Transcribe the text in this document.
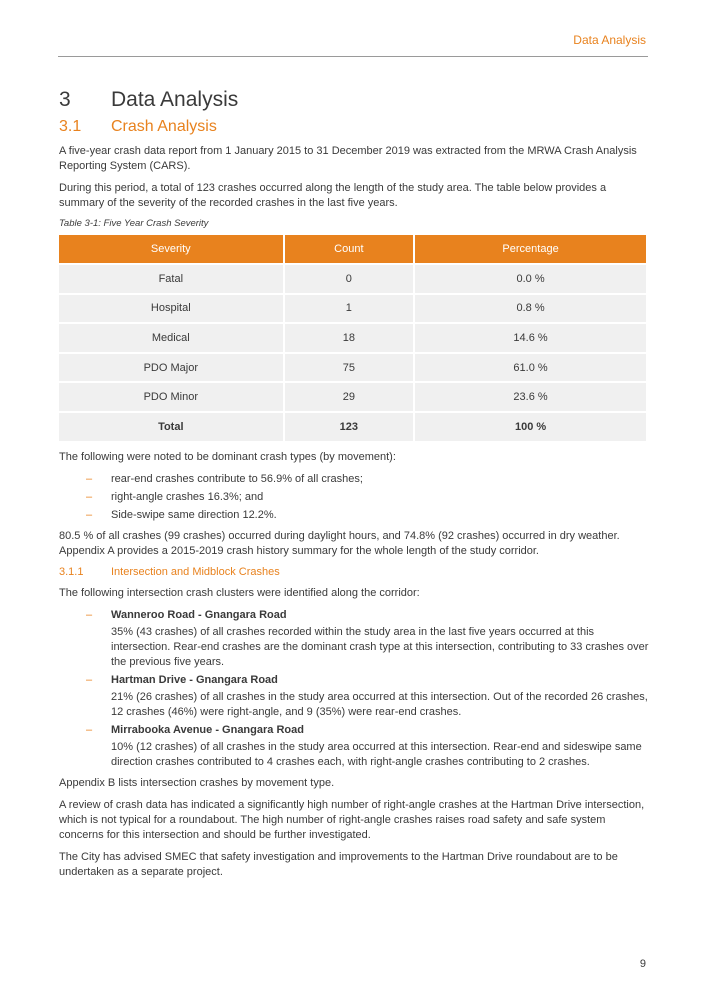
Data Analysis
3	Data Analysis
3.1	Crash Analysis

A five-year crash data report from 1 January 2015 to 31 December 2019 was extracted from the MRWA Crash Analysis Reporting System (CARS).

During this period, a total of 123 crashes occurred along the length of the study area. The table below provides a summary of the severity of the recorded crashes in the last five years.

Table 3-1: Five Year Crash Severity
Severity	Count	Percentage
Fatal	0	0.0 %
Hospital	1	0.8 %
Medical	18	14.6 %
PDO Major	75	61.0 %
PDO Minor	29	23.6 %
Total	123	100 %

The following were noted to be dominant crash types (by movement):

– rear-end crashes contribute to 56.9% of all crashes;
– right-angle crashes 16.3%; and
– Side-swipe same direction 12.2%.

80.5 % of all crashes (99 crashes) occurred during daylight hours, and 74.8% (92 crashes) occurred in dry weather. Appendix A provides a 2015-2019 crash history summary for the whole length of the study corridor.

3.1.1	Intersection and Midblock Crashes

The following intersection crash clusters were identified along the corridor:

– Wanneroo Road - Gnangara Road
35% (43 crashes) of all crashes recorded within the study area in the last five years occurred at this intersection. Rear-end crashes are the dominant crash type at this intersection, contributing to 33 crashes over the previous five years.
– Hartman Drive - Gnangara Road
21% (26 crashes) of all crashes in the study area occurred at this intersection. Out of the recorded 26 crashes, 12 crashes (46%) were right-angle, and 9 (35%) were rear-end crashes.
– Mirrabooka Avenue - Gnangara Road
10% (12 crashes) of all crashes in the study area occurred at this intersection. Rear-end and sideswipe same direction crashes contributed to 4 crashes each, with right-angle crashes contributing to 2 crashes.

Appendix B lists intersection crashes by movement type.

A review of crash data has indicated a significantly high number of right-angle crashes at the Hartman Drive intersection, which is not typical for a roundabout. The high number of right-angle crashes raises road safety and safe system concerns for this intersection and should be further investigated.

The City has advised SMEC that safety investigation and improvements to the Hartman Drive roundabout are to be undertaken as a separate project.

9
